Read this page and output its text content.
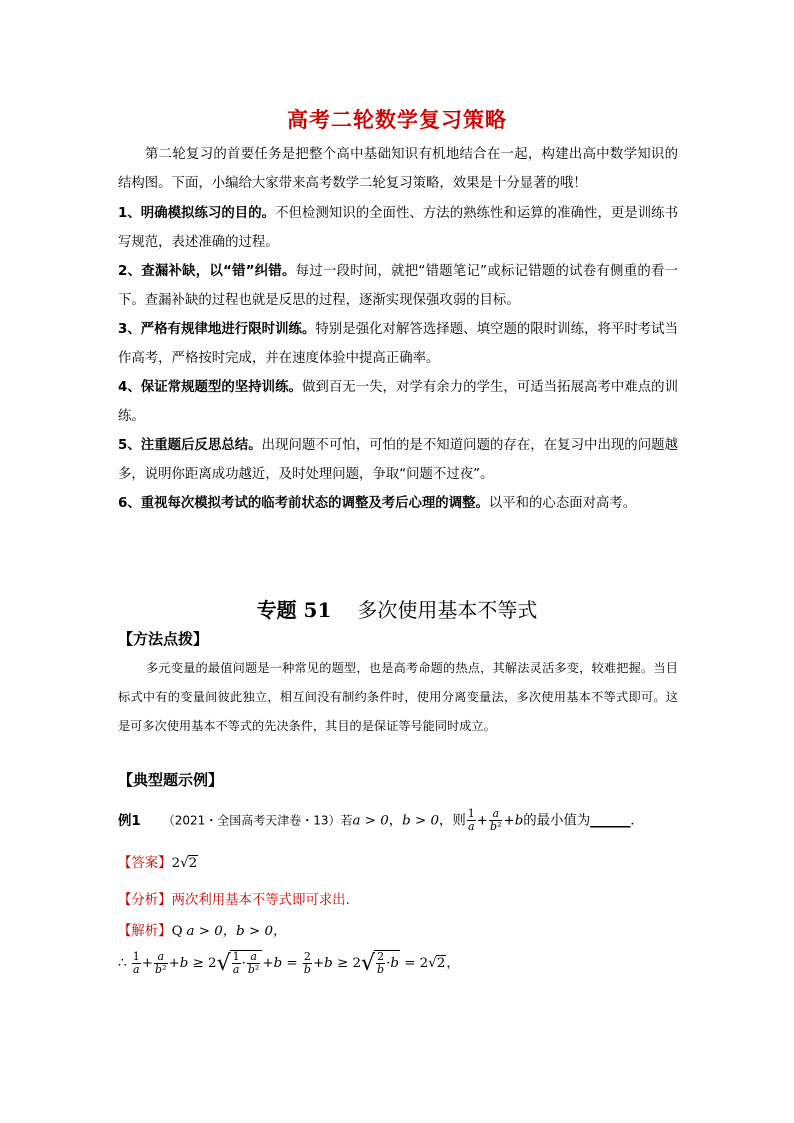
高考二轮数学复习策略
第二轮复习的首要任务是把整个高中基础知识有机地结合在一起，构建出高中数学知识的结构图。下面，小编给大家带来高考数学二轮复习策略，效果是十分显著的哦！
1、明确模拟练习的目的。不但检测知识的全面性、方法的熟练性和运算的准确性，更是训练书写规范，表述准确的过程。
2、查漏补缺，以“错”纠错。每过一段时间，就把“错题笔记”或标记错题的试卷有侧重的看一下。查漏补缺的过程也就是反思的过程，逐渐实现保强攻弱的目标。
3、严格有规律地进行限时训练。特别是强化对解答选择题、填空题的限时训练，将平时考试当作高考，严格按时完成，并在速度体验中提高正确率。
4、保证常规题型的坚持训练。做到百无一失，对学有余力的学生，可适当拓展高考中难点的训练。
5、注重题后反思总结。出现问题不可怕，可怕的是不知道问题的存在，在复习中出现的问题越多，说明你距离成功越近，及时处理问题，争取“问题不过夜”。
6、重视每次模拟考试的临考前状态的调整及考后心理的调整。以平和的心态面对高考。
专题 51 多次使用基本不等式
【方法点拨】
多元变量的最值问题是一种常见的题型，也是高考命题的热点，其解法灵活多变，较难把握。当目标式中有的变量间彼此独立，相互间没有制约条件时，使用分离变量法，多次使用基本不等式即可。这是可多次使用基本不等式的先决条件，其目的是保证等号能同时成立。
【典型题示例】
例1 （2021・全国高考天津卷・13）若a > 0，b > 0，则 $\frac{1}{a} + \frac{a}{\text{b²}} +b$的最小值为______．
【答案】2√2
【分析】两次利用基本不等式即可求出.
【解析】Q a > 0，b > 0，
∴ $\frac{1}{a} + \frac{a}{\text{b²}} +b \ge 2√ \frac{1}{a} \cdot \frac{a}{\text{b²}} +b = \frac{2}{b} +b \ge 2√ \frac{2}{b} \cdot b = 2√2$，
